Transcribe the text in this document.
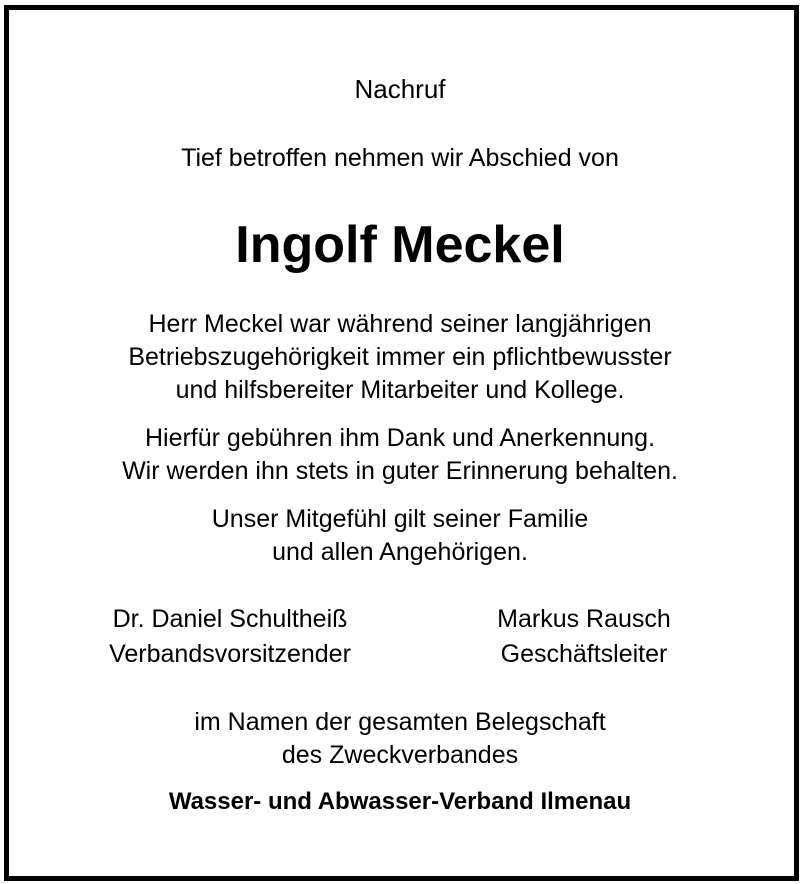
Nachruf
Tief betroffen nehmen wir Abschied von
Ingolf Meckel
Herr Meckel war während seiner langjährigen
Betriebszugehörigkeit immer ein pflichtbewusster
und hilfsbereiter Mitarbeiter und Kollege.
Hierfür gebühren ihm Dank und Anerkennung.
Wir werden ihn stets in guter Erinnerung behalten.
Unser Mitgefühl gilt seiner Familie
und allen Angehörigen.
Dr. Daniel Schultheiß
Verbandsvorsitzender
Markus Rausch
Geschäftsleiter
im Namen der gesamten Belegschaft
des Zweckverbandes
Wasser- und Abwasser-Verband Ilmenau
